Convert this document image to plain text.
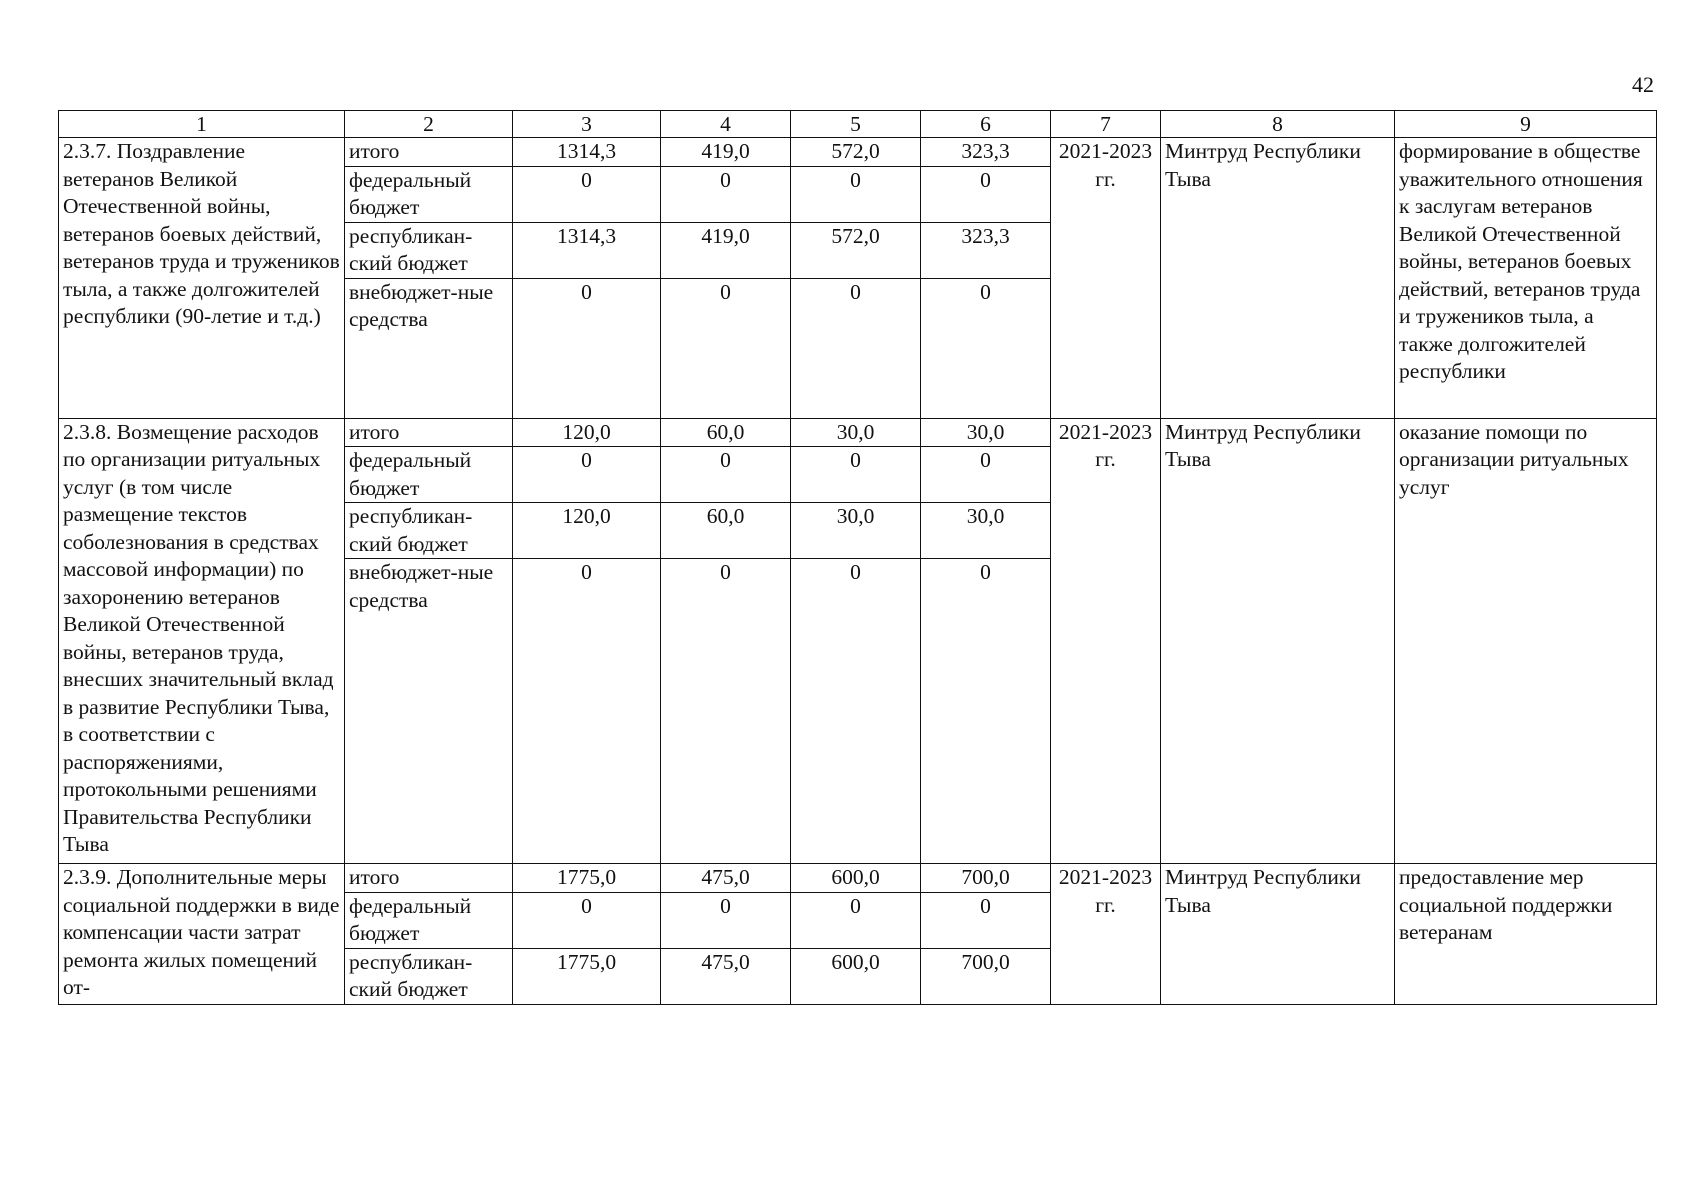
42
1	2	3	4	5	6	7	8	9
2.3.7. Поздравление ветеранов Великой Отечественной войны, ветеранов боевых действий, ветеранов труда и тружеников тыла, а также долгожителей республики (90-летие и т.д.)	итого	1314,3	419,0	572,0	323,3	2021-2023 гг.	Минтруд Республики Тыва	формирование в обществе уважительного отношения к заслугам ветеранов Великой Отечественной войны, ветеранов боевых действий, ветеранов труда и тружеников тыла, а также долгожителей республики
	федеральный бюджет	0	0	0	0			
	республикан-ский бюджет	1314,3	419,0	572,0	323,3			
	внебюджет-ные средства	0	0	0	0			
2.3.8. Возмещение расходов по организации ритуальных услуг (в том числе размещение текстов соболезнования в средствах массовой информации) по захоронению ветеранов Великой Отечественной войны, ветеранов труда, внесших значительный вклад в развитие Республики Тыва, в соответствии с распоряжениями, протокольными решениями Правительства Республики Тыва	итого	120,0	60,0	30,0	30,0	2021-2023 гг.	Минтруд Республики Тыва	оказание помощи по организации ритуальных услуг
	федеральный бюджет	0	0	0	0			
	республикан-ский бюджет	120,0	60,0	30,0	30,0			
	внебюджет-ные средства	0	0	0	0			
2.3.9. Дополнительные меры социальной поддержки в виде компенсации части затрат ремонта жилых помещений от-	итого	1775,0	475,0	600,0	700,0	2021-2023 гг.	Минтруд Республики Тыва	предоставление мер социальной поддержки ветеранам
	федеральный бюджет	0	0	0	0			
	республикан-ский бюджет	1775,0	475,0	600,0	700,0			
